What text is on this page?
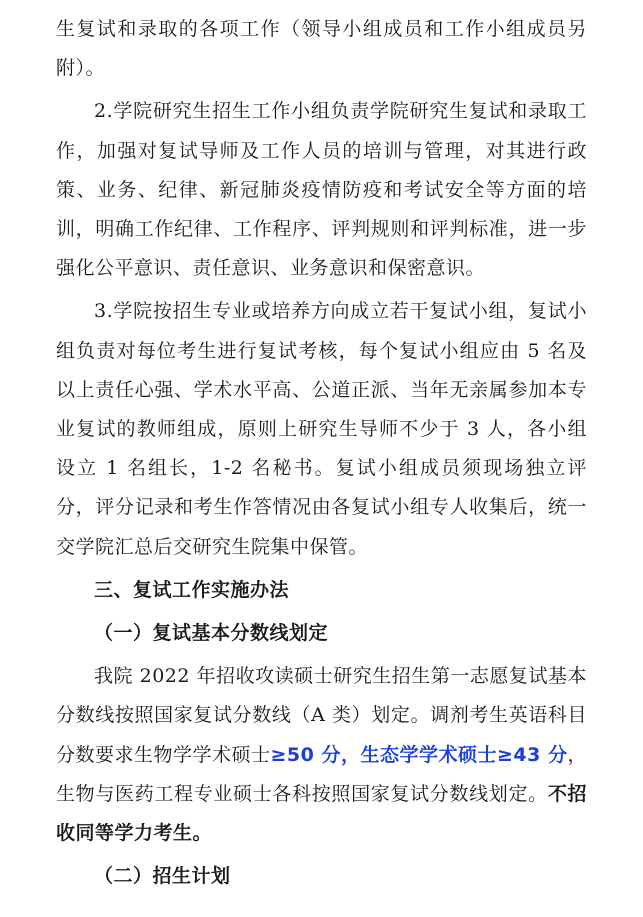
生复试和录取的各项工作（领导小组成员和工作小组成员另附）。

2.学院研究生招生工作小组负责学院研究生复试和录取工作，加强对复试导师及工作人员的培训与管理，对其进行政策、业务、纪律、新冠肺炎疫情防疫和考试安全等方面的培训，明确工作纪律、工作程序、评判规则和评判标准，进一步强化公平意识、责任意识、业务意识和保密意识。

3.学院按招生专业或培养方向成立若干复试小组，复试小组负责对每位考生进行复试考核，每个复试小组应由 5 名及以上责任心强、学术水平高、公道正派、当年无亲属参加本专业复试的教师组成，原则上研究生导师不少于 3 人，各小组设立 1 名组长，1-2 名秘书。复试小组成员须现场独立评分，评分记录和考生作答情况由各复试小组专人收集后，统一交学院汇总后交研究生院集中保管。

三、复试工作实施办法

（一）复试基本分数线划定

我院 2022 年招收攻读硕士研究生招生第一志愿复试基本分数线按照国家复试分数线（A 类）划定。调剂考生英语科目分数要求生物学学术硕士≥50 分，生态学学术硕士≥43 分，生物与医药工程专业硕士各科按照国家复试分数线划定。不招收同等学力考生。

（二）招生计划
